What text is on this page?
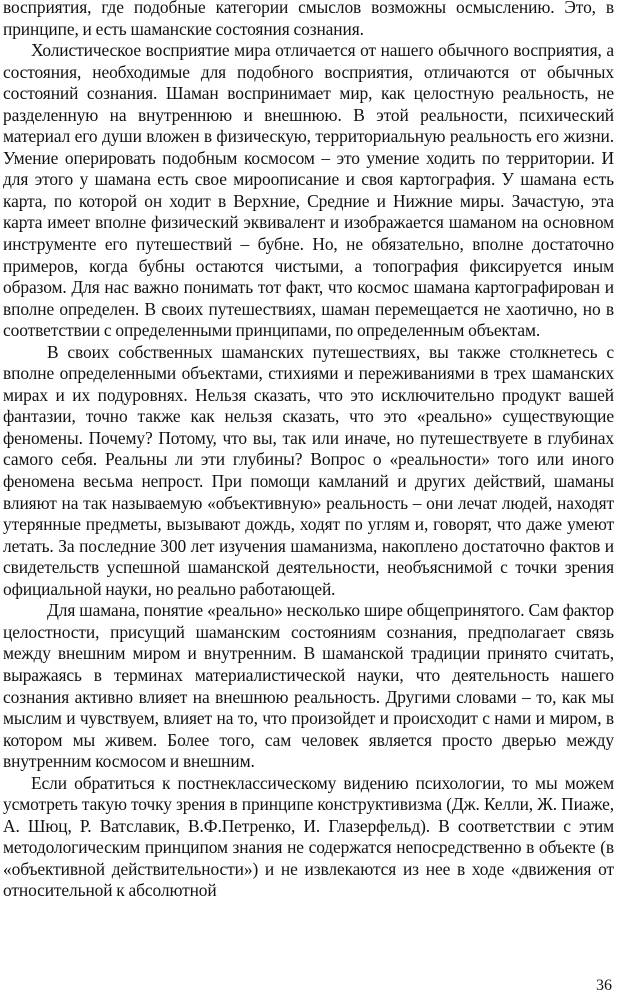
восприятия, где подобные категории смыслов возможны осмыслению. Это, в принципе, и есть шаманские состояния сознания.

Холистическое восприятие мира отличается от нашего обычного восприятия, а состояния, необходимые для подобного восприятия, отличаются от обычных состояний сознания. Шаман воспринимает мир, как целостную реальность, не разделенную на внутреннюю и внешнюю. В этой реальности, психический материал его души вложен в физическую, территориальную реальность его жизни. Умение оперировать подобным космосом – это умение ходить по территории. И для этого у шамана есть свое мироописание и своя картография. У шамана есть карта, по которой он ходит в Верхние, Средние и Нижние миры. Зачастую, эта карта имеет вполне физический эквивалент и изображается шаманом на основном инструменте его путешествий – бубне. Но, не обязательно, вполне достаточно примеров, когда бубны остаются чистыми, а топография фиксируется иным образом. Для нас важно понимать тот факт, что космос шамана картографирован и вполне определен. В своих путешествиях, шаман перемещается не хаотично, но в соответствии с определенными принципами, по определенным объектам.

В своих собственных шаманских путешествиях, вы также столкнетесь с вполне определенными объектами, стихиями и переживаниями в трех шаманских мирах и их подуровнях. Нельзя сказать, что это исключительно продукт вашей фантазии, точно также как нельзя сказать, что это «реально» существующие феномены. Почему? Потому, что вы, так или иначе, но путешествуете в глубинах самого себя. Реальны ли эти глубины? Вопрос о «реальности» того или иного феномена весьма непрост. При помощи камланий и других действий, шаманы влияют на так называемую «объективную» реальность – они лечат людей, находят утерянные предметы, вызывают дождь, ходят по углям и, говорят, что даже умеют летать. За последние 300 лет изучения шаманизма, накоплено достаточно фактов и свидетельств успешной шаманской деятельности, необъяснимой с точки зрения официальной науки, но реально работающей.

Для шамана, понятие «реально» несколько шире общепринятого. Сам фактор целостности, присущий шаманским состояниям сознания, предполагает связь между внешним миром и внутренним. В шаманской традиции принято считать, выражаясь в терминах материалистической науки, что деятельность нашего сознания активно влияет на внешнюю реальность. Другими словами – то, как мы мыслим и чувствуем, влияет на то, что произойдет и происходит с нами и миром, в котором мы живем. Более того, сам человек является просто дверью между внутренним космосом и внешним.

Если обратиться к постнеклассическому видению психологии, то мы можем усмотреть такую точку зрения в принципе конструктивизма (Дж. Келли, Ж. Пиаже, А. Шюц, Р. Ватславик, В.Ф.Петренко, И. Глазерфельд). В соответствии с этим методологическим принципом знания не содержатся непосредственно в объекте (в «объективной действительности») и не извлекаются из нее в ходе «движения от относительной к абсолютной

36
